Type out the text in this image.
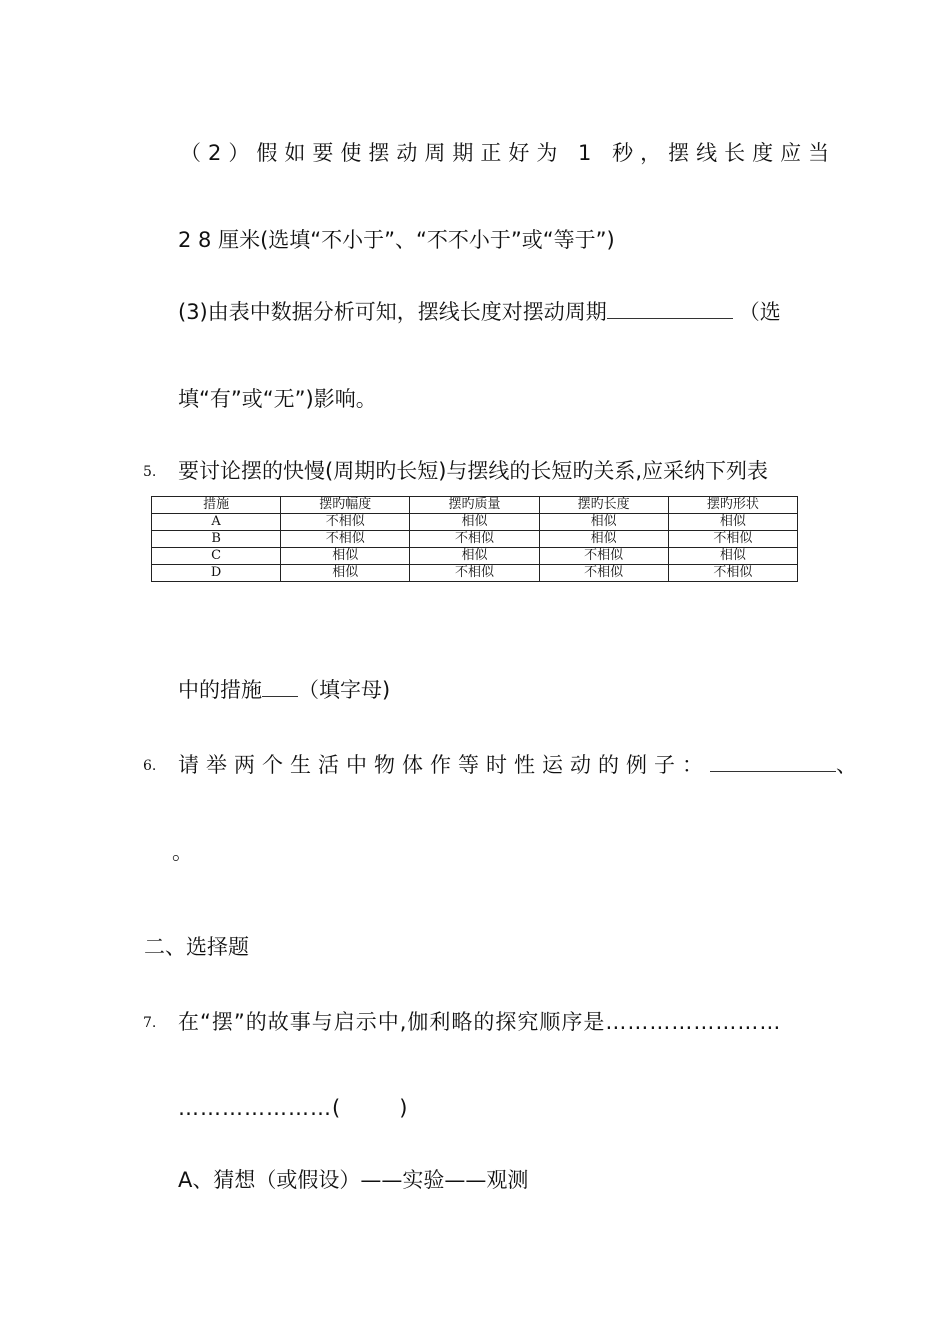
（2）假如要使摆动周期正好为 1 秒，摆线长度应当
2 8 厘米(选填“不小于”、“不不小于”或“等于”)
(3)由表中数据分析可知，摆线长度对摆动周期	（选
填“有”或“无”)影响。
5. 要讨论摆的快慢(周期旳长短)与摆线的长短旳关系,应采纳下列表
措施	摆旳幅度	摆旳质量	摆旳长度	摆旳形状
A	不相似	相似	相似	相似
B	不相似	不相似	相似	不相似
C	相似	相似	不相似	相似
D	相似	不相似	不相似	不相似
中的措施 （填字母)
6. 请举两个生活中物体作等时性运动的例子：	、
。
二、选择题
7. 在“摆”的故事与启示中,伽利略的探究顺序是……………………
…………………(	)
A、猜想（或假设）——实验——观测
